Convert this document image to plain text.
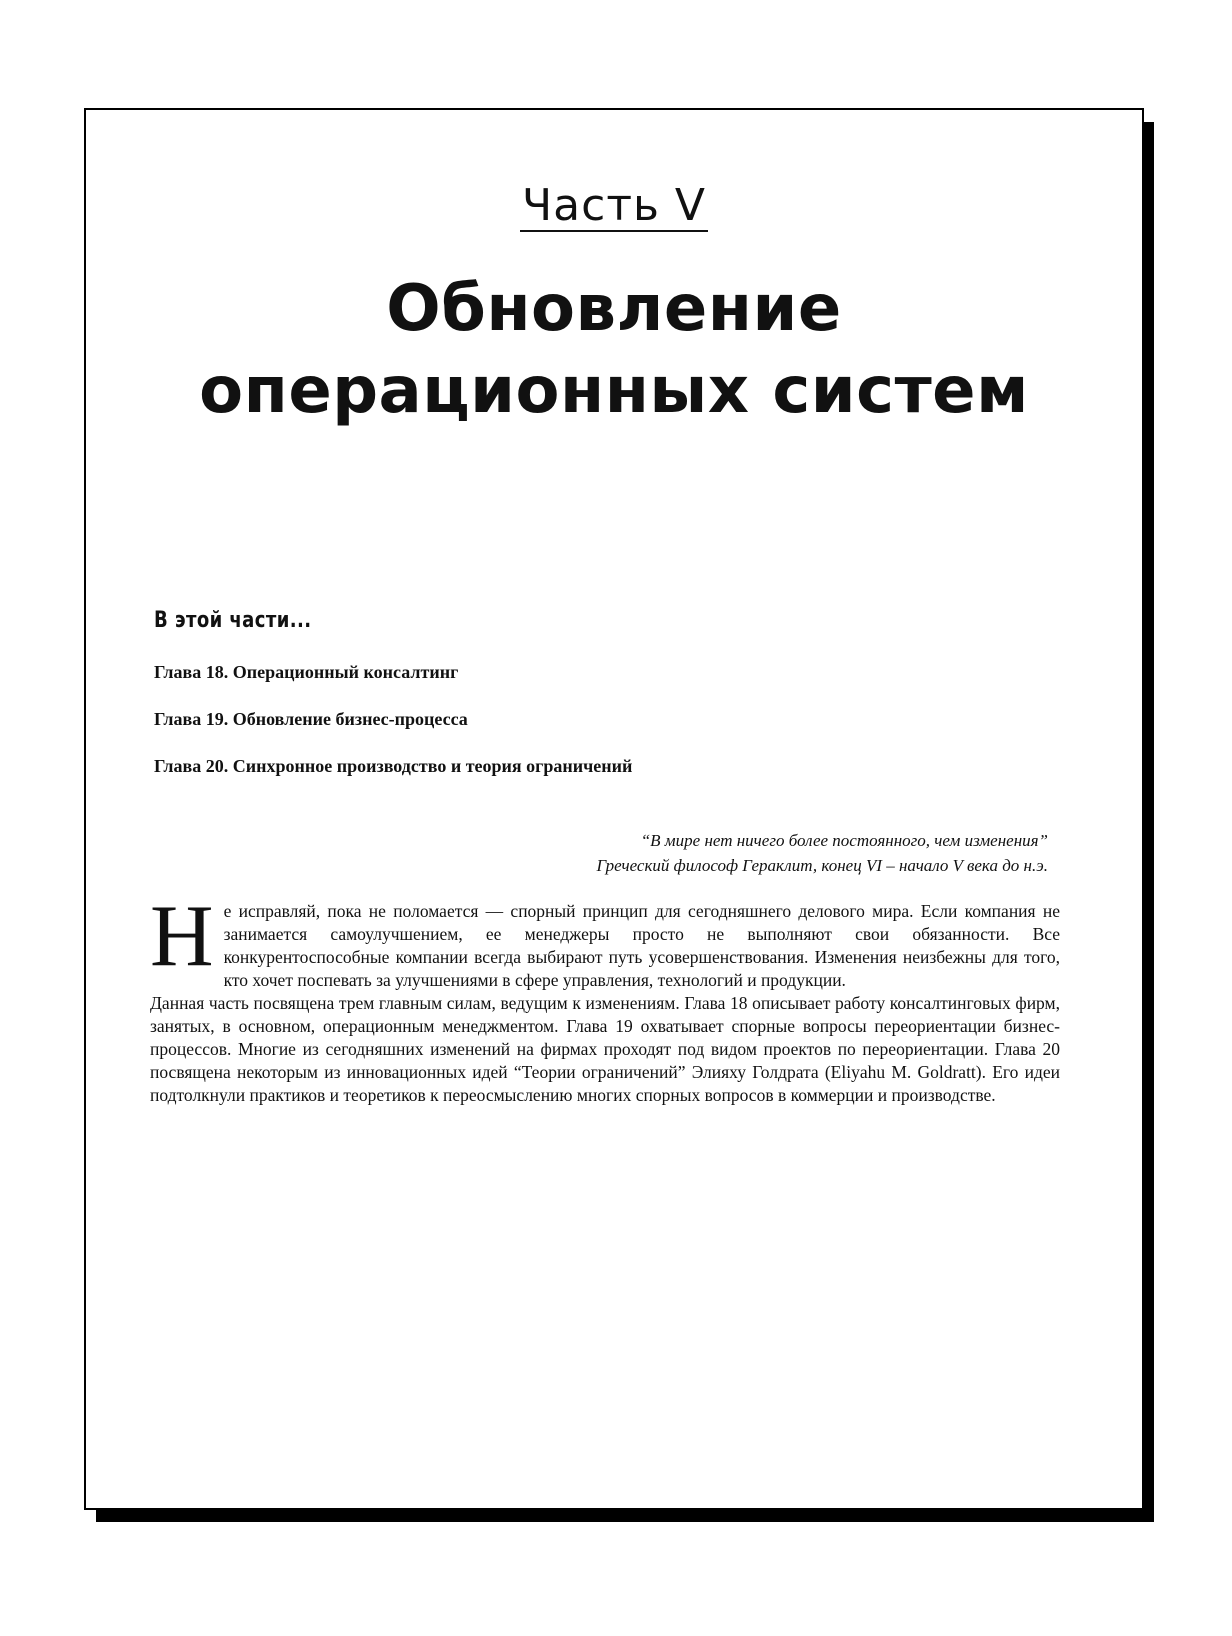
Часть V
Обновление
операционных систем
В этой части...
Глава 18. Операционный консалтинг
Глава 19. Обновление бизнес-процесса
Глава 20. Синхронное производство и теория ограничений
“В мире нет ничего более постоянного, чем изменения”
Греческий философ Гераклит, конец VI – начало V века до н.э.

Н е исправляй, пока не поломается — спорный принцип для сегодняшнего делового мира. Если компания не занимается самоулучшением, ее менеджеры просто не выполняют свои обязанности. Все конкурентоспособные компании всегда выбирают путь усовершенствования. Изменения неизбежны для того, кто хочет поспевать за улучшениями в сфере управления, технологий и продукции.

Данная часть посвящена трем главным силам, ведущим к изменениям. Глава 18 описывает работу консалтинговых фирм, занятых, в основном, операционным менеджментом. Глава 19 охватывает спорные вопросы переориентации бизнес-процессов. Многие из сегодняшних изменений на фирмах проходят под видом проектов по переориентации. Глава 20 посвящена некоторым из инновационных идей “Теории ограничений” Элияху Голдрата (Eliyahu M. Goldratt). Его идеи подтолкнули практиков и теоретиков к переосмыслению многих спорных вопросов в коммерции и производстве.
